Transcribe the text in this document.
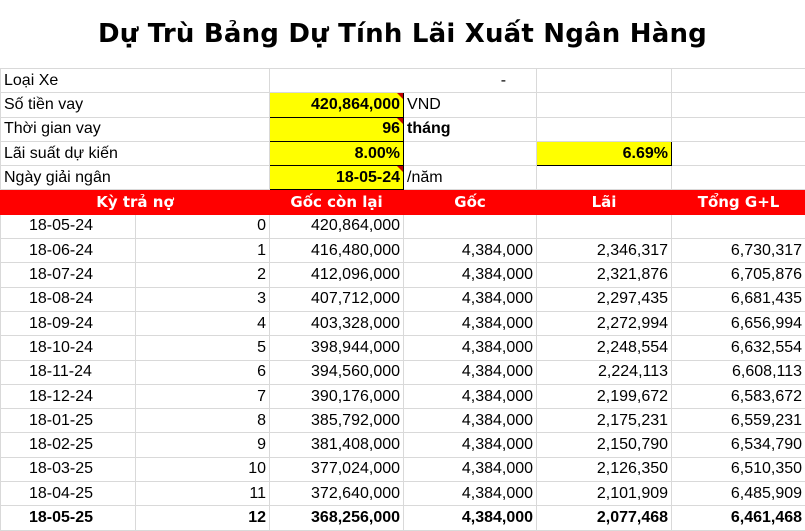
Dự Trù Bảng Dự Tính Lãi Xuất Ngân Hàng
Loại Xe		-			
Số tiền vay		420,864,000	VND		
Thời gian vay		96	tháng		
Lãi suất dự kiến		8.00%		6.69%	
Ngày giải ngân		18-05-24	/năm		
Kỳ trả nợ		Gốc còn lại	Gốc	Lãi	Tổng G+L
18-05-24	0	420,864,000			
18-06-24	1	416,480,000	4,384,000	2,346,317	6,730,317
18-07-24	2	412,096,000	4,384,000	2,321,876	6,705,876
18-08-24	3	407,712,000	4,384,000	2,297,435	6,681,435
18-09-24	4	403,328,000	4,384,000	2,272,994	6,656,994
18-10-24	5	398,944,000	4,384,000	2,248,554	6,632,554
18-11-24	6	394,560,000	4,384,000	2,224,113	6,608,113
18-12-24	7	390,176,000	4,384,000	2,199,672	6,583,672
18-01-25	8	385,792,000	4,384,000	2,175,231	6,559,231
18-02-25	9	381,408,000	4,384,000	2,150,790	6,534,790
18-03-25	10	377,024,000	4,384,000	2,126,350	6,510,350
18-04-25	11	372,640,000	4,384,000	2,101,909	6,485,909
18-05-25	12	368,256,000	4,384,000	2,077,468	6,461,468
